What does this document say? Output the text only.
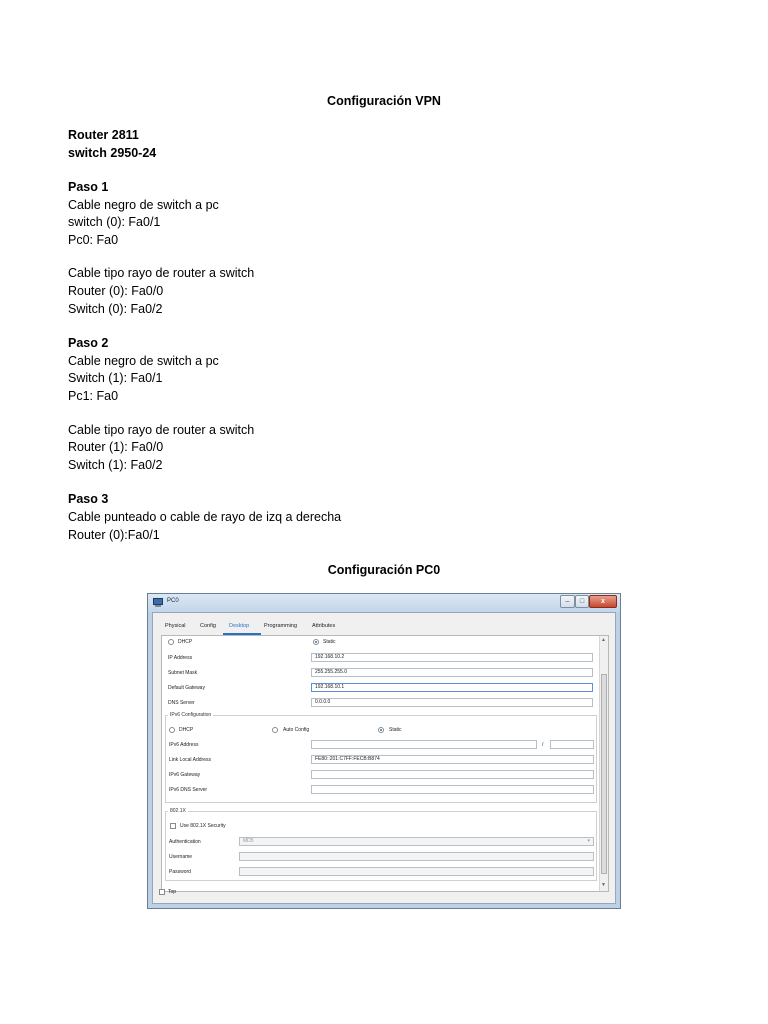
Configuración VPN
Router 2811
switch 2950-24
Paso 1
Cable negro de switch a pc
switch (0): Fa0/1
Pc0: Fa0
Cable tipo rayo de router a switch
Router (0): Fa0/0
Switch (0): Fa0/2
Paso 2
Cable negro de switch a pc
Switch (1): Fa0/1
Pc1: Fa0
Cable tipo rayo de router a switch
Router (1): Fa0/0
Switch (1): Fa0/2
Paso 3
Cable punteado o cable de rayo de izq a derecha
Router (0):Fa0/1
Configuración PC0
PC0	–	□	x
Physical	Config Desktop	Programming	Attributes
DHCP	Static
IP Address	192.168.10.2
Subnet Mask	255.255.255.0
Default Gateway	192.168.10.1
DNS Server	0.0.0.0
IPv6 Configuration
DHCP	Auto Config	Static
IPv6 Address	/
Link Local Address	FE80::201:C7FF:FECB:B874
IPv6 Gateway
IPv6 DNS Server
802.1X
Use 802.1X Security
Authentication	MD5	▾
Username
Password
▲
▼
Top
